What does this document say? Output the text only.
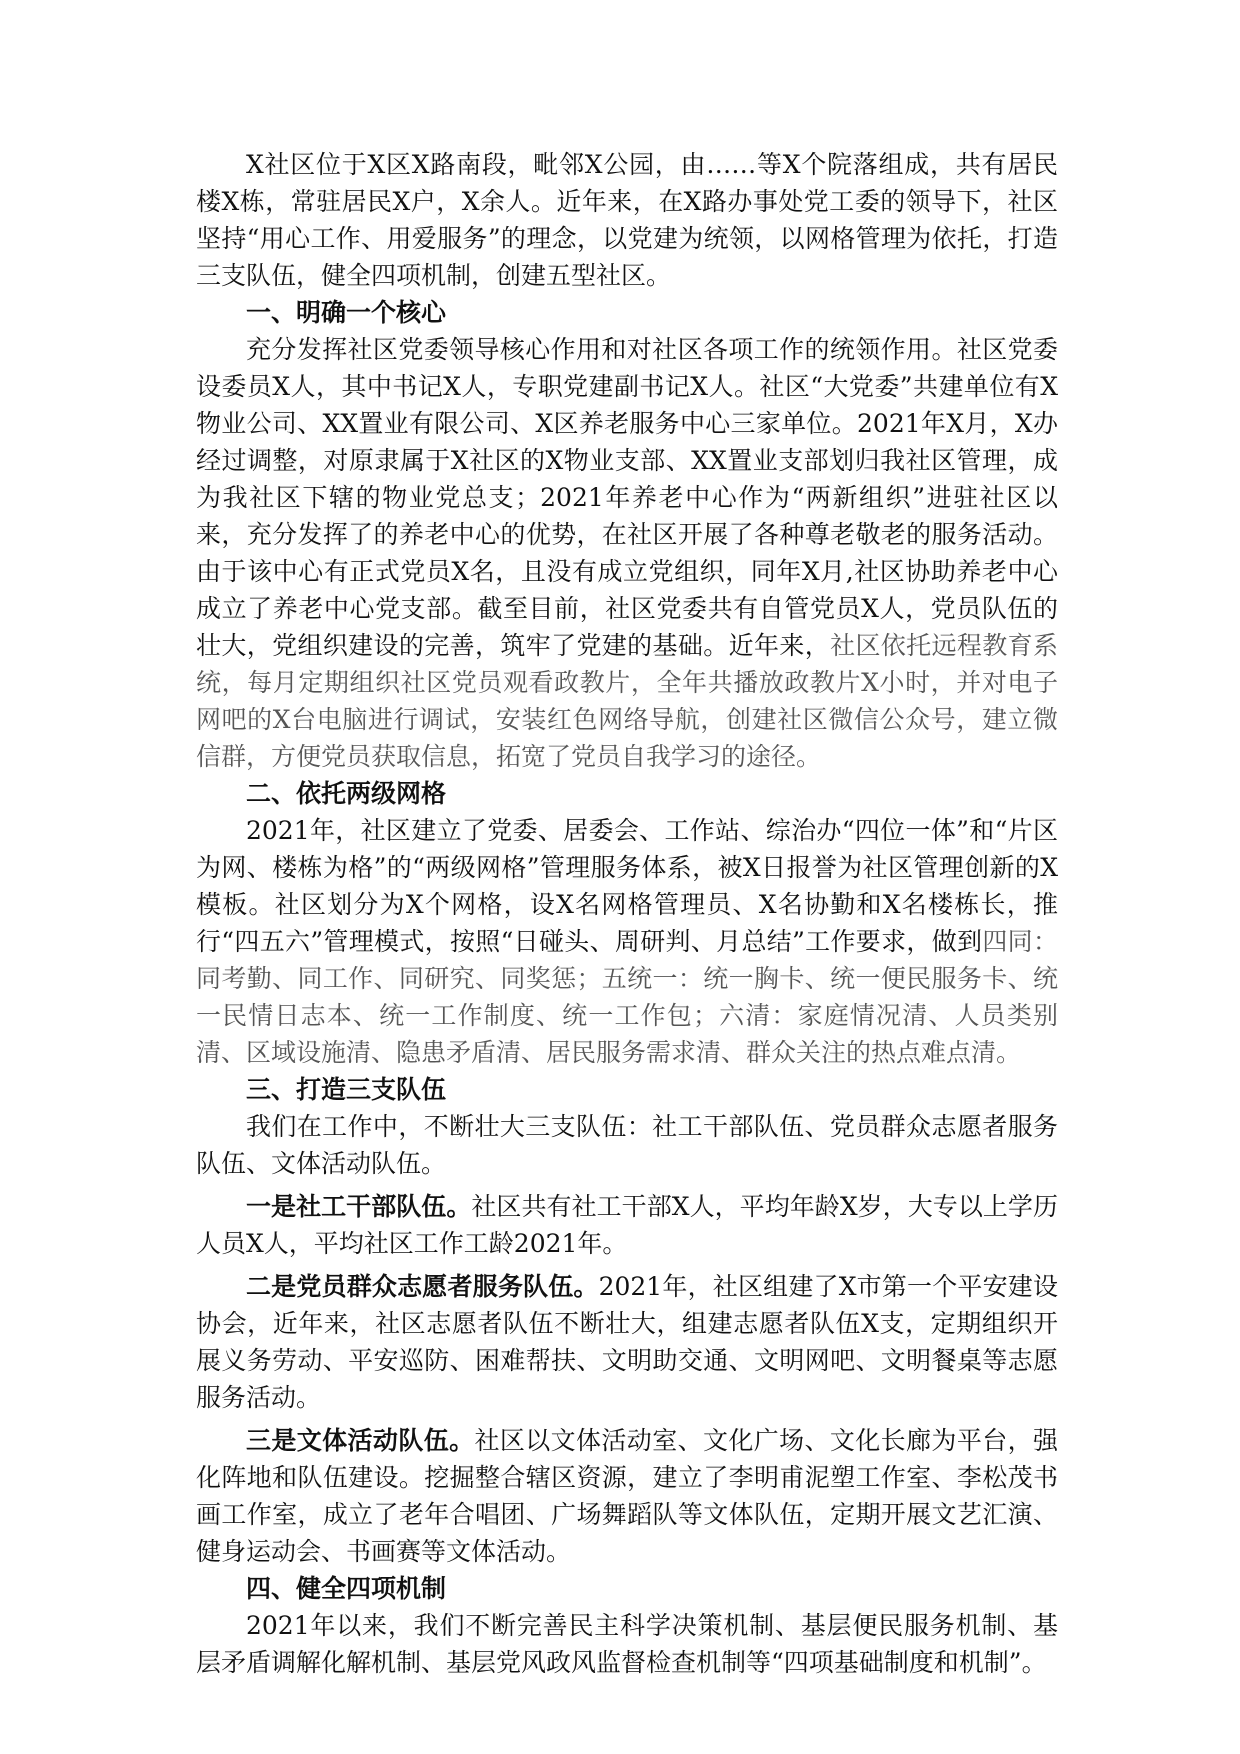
X社区位于X区X路南段，毗邻X公园，由……等X个院落组成，共有居民楼X栋，常驻居民X户，X余人。近年来，在X路办事处党工委的领导下，社区坚持“用心工作、用爱服务”的理念，以党建为统领，以网格管理为依托，打造三支队伍，健全四项机制，创建五型社区。

一、明确一个核心

充分发挥社区党委领导核心作用和对社区各项工作的统领作用。社区党委设委员X人，其中书记X人，专职党建副书记X人。社区“大党委”共建单位有X物业公司、XX置业有限公司、X区养老服务中心三家单位。2021年X月，X办经过调整，对原隶属于X社区的X物业支部、XX置业支部划归我社区管理，成为我社区下辖的物业党总支；2021年养老中心作为“两新组织”进驻社区以来，充分发挥了的养老中心的优势，在社区开展了各种尊老敬老的服务活动。由于该中心有正式党员X名，且没有成立党组织，同年X月,社区协助养老中心成立了养老中心党支部。截至目前，社区党委共有自管党员X人，党员队伍的壮大，党组织建设的完善，筑牢了党建的基础。近年来，社区依托远程教育系统，每月定期组织社区党员观看政教片，全年共播放政教片X小时，并对电子网吧的X台电脑进行调试，安装红色网络导航，创建社区微信公众号，建立微信群，方便党员获取信息，拓宽了党员自我学习的途径。

二、依托两级网格

2021年，社区建立了党委、居委会、工作站、综治办“四位一体”和“片区为网、楼栋为格”的“两级网格”管理服务体系，被X日报誉为社区管理创新的X模板。社区划分为X个网格，设X名网格管理员、X名协勤和X名楼栋长，推行“四五六”管理模式，按照“日碰头、周研判、月总结”工作要求，做到四同：同考勤、同工作、同研究、同奖惩；五统一：统一胸卡、统一便民服务卡、统一民情日志本、统一工作制度、统一工作包；六清：家庭情况清、人员类别清、区域设施清、隐患矛盾清、居民服务需求清、群众关注的热点难点清。

三、打造三支队伍

我们在工作中，不断壮大三支队伍：社工干部队伍、党员群众志愿者服务队伍、文体活动队伍。

一是社工干部队伍。社区共有社工干部X人，平均年龄X岁，大专以上学历人员X人，平均社区工作工龄2021年。

二是党员群众志愿者服务队伍。2021年，社区组建了X市第一个平安建设协会，近年来，社区志愿者队伍不断壮大，组建志愿者队伍X支，定期组织开展义务劳动、平安巡防、困难帮扶、文明助交通、文明网吧、文明餐桌等志愿服务活动。

三是文体活动队伍。社区以文体活动室、文化广场、文化长廊为平台，强化阵地和队伍建设。挖掘整合辖区资源，建立了李明甫泥塑工作室、李松茂书画工作室，成立了老年合唱团、广场舞蹈队等文体队伍，定期开展文艺汇演、健身运动会、书画赛等文体活动。

四、健全四项机制

2021年以来，我们不断完善民主科学决策机制、基层便民服务机制、基层矛盾调解化解机制、基层党风政风监督检查机制等“四项基础制度和机制”。
